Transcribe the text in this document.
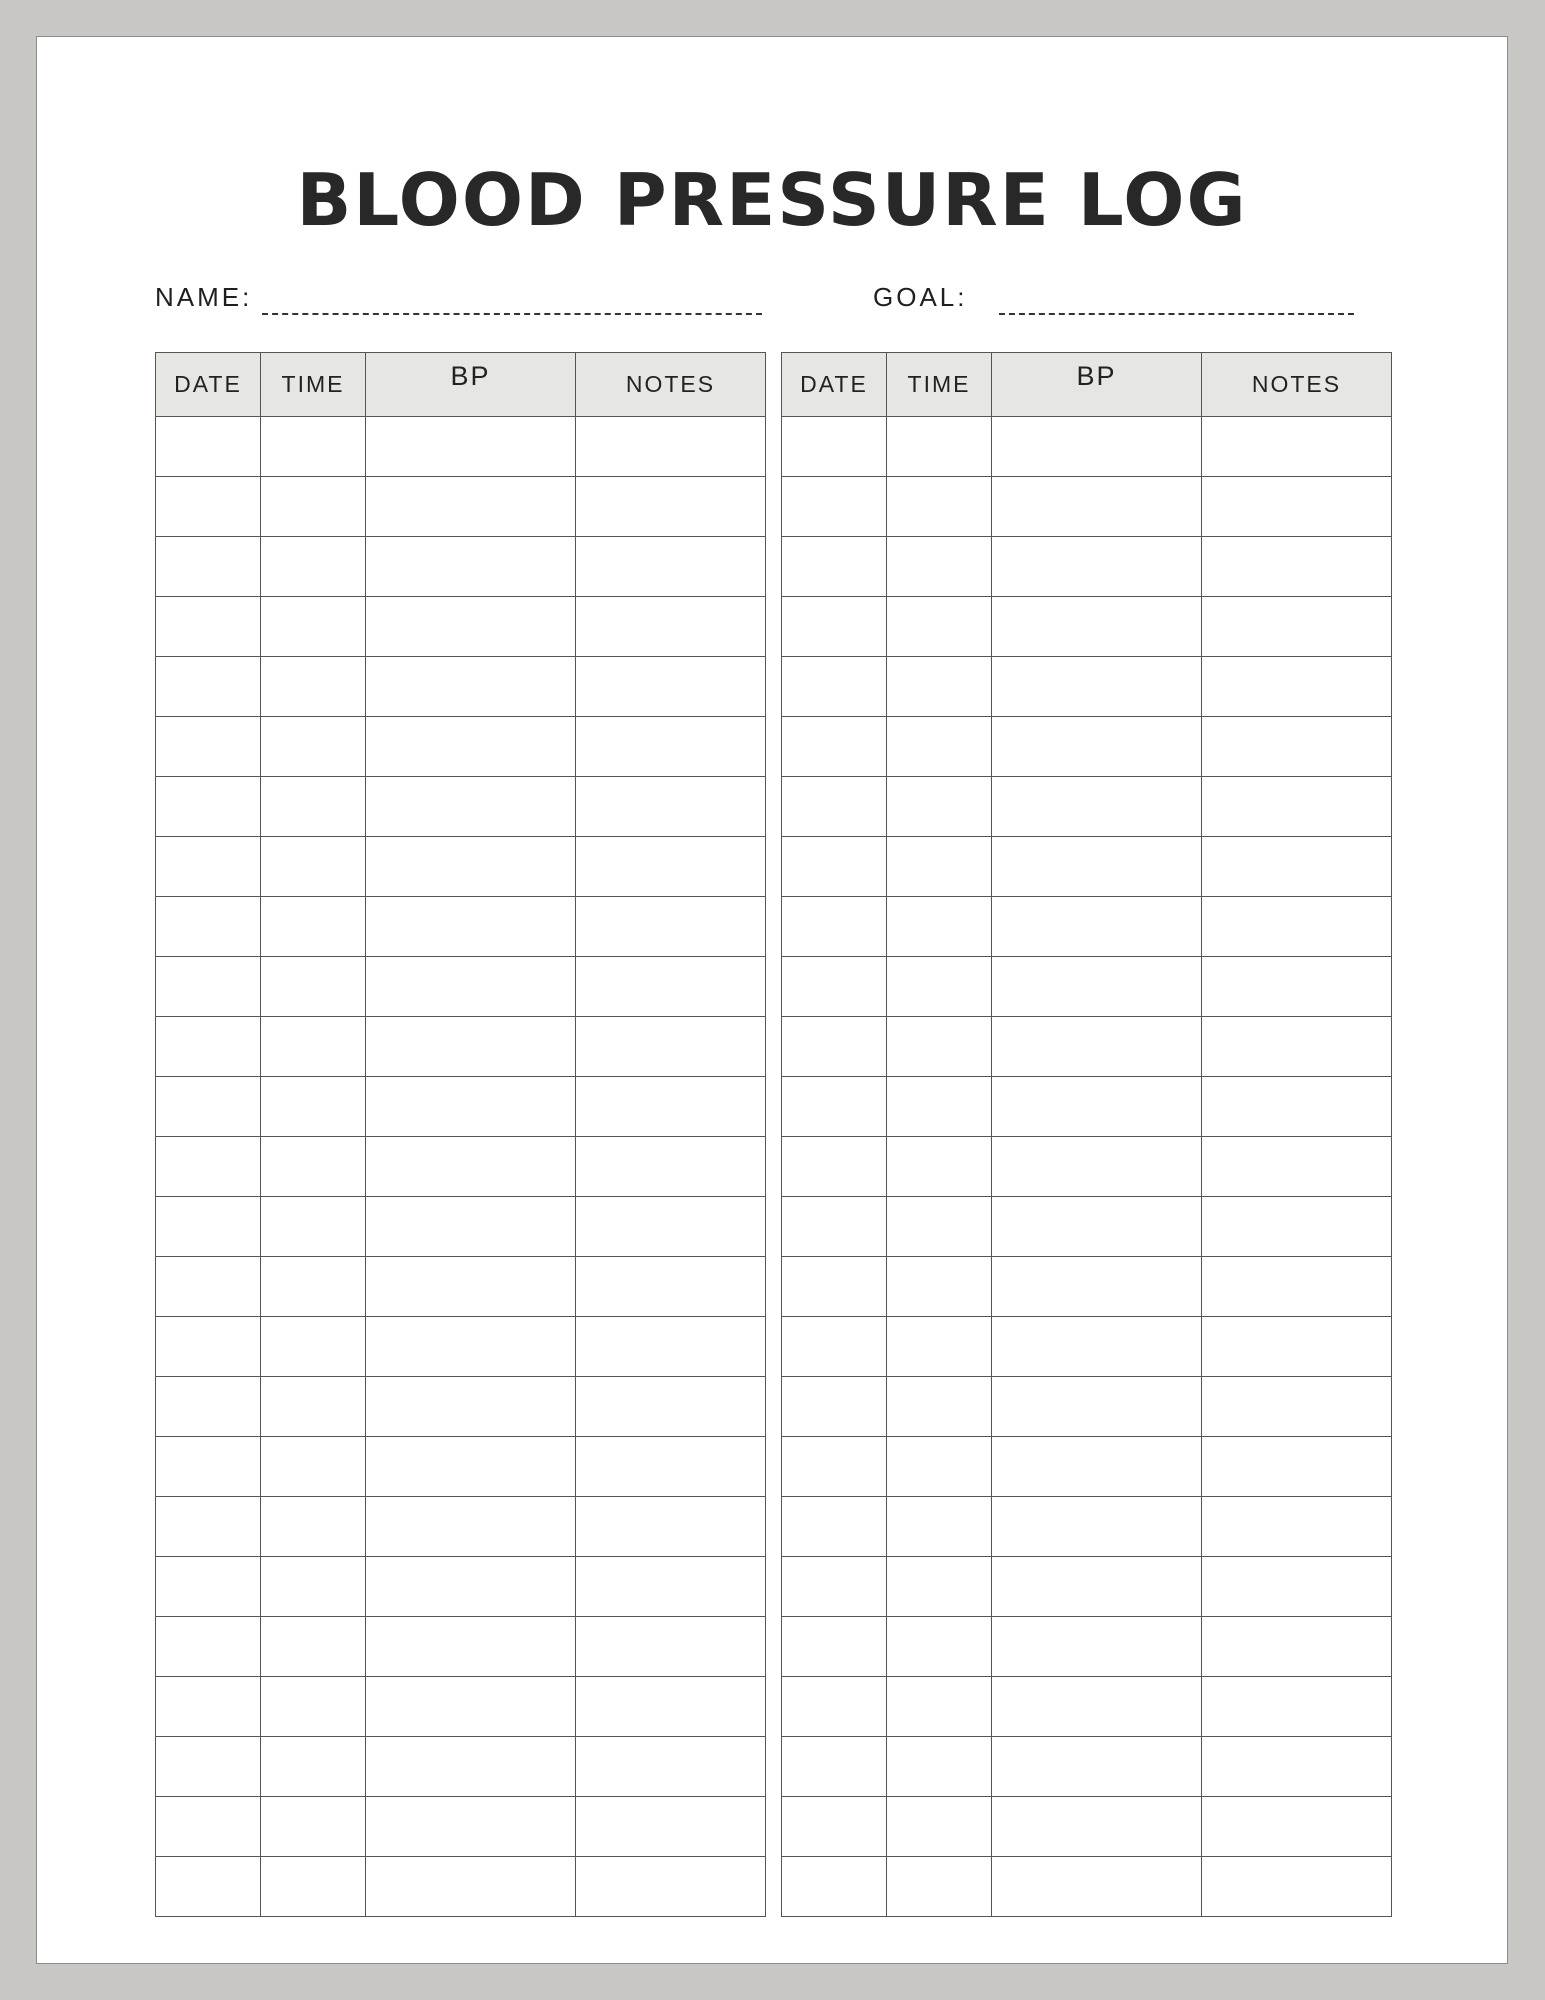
BLOOD PRESSURE LOG
NAME:	GOAL:
DATE	TIME	BP	NOTES

				DATE	TIME	BP	NOTES
